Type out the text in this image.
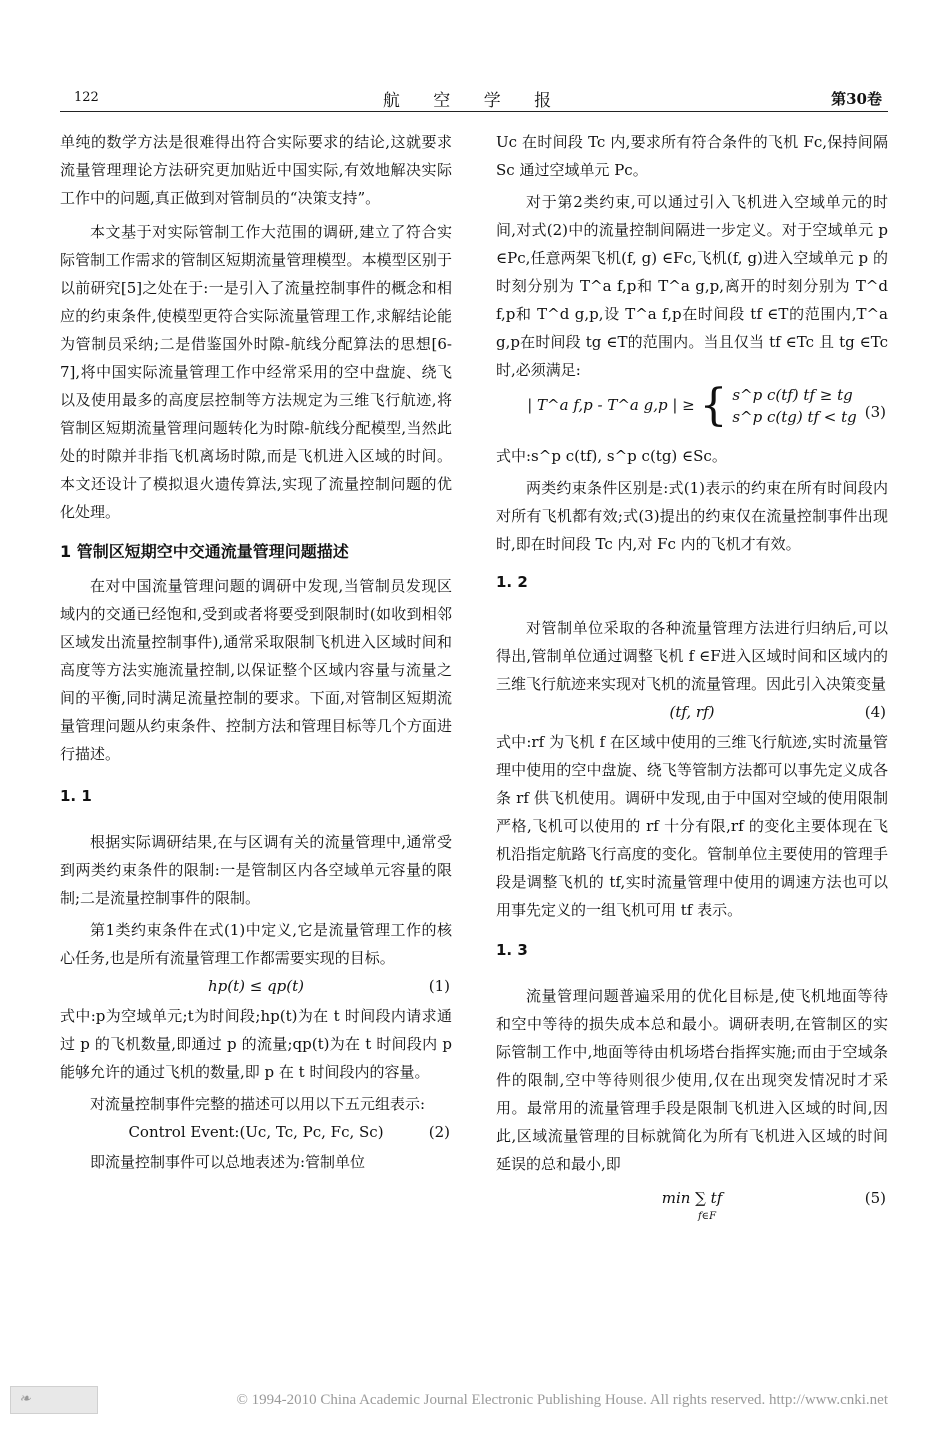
122	航 空 学 报	第30卷

单纯的数学方法是很难得出符合实际要求的结论,这就要求流量管理理论方法研究更加贴近中国实际,有效地解决实际工作中的问题,真正做到对管制员的“决策支持”。

本文基于对实际管制工作大范围的调研,建立了符合实际管制工作需求的管制区短期流量管理模型。本模型区别于以前研究[5]之处在于:一是引入了流量控制事件的概念和相应的约束条件,使模型更符合实际流量管理工作,求解结论能为管制员采纳;二是借鉴国外时隙-航线分配算法的思想[6-7],将中国实际流量管理工作中经常采用的空中盘旋、绕飞以及使用最多的高度层控制等方法规定为三维飞行航迹,将管制区短期流量管理问题转化为时隙-航线分配模型,当然此处的时隙并非指飞机离场时隙,而是飞机进入区域的时间。本文还设计了模拟退火遗传算法,实现了流量控制问题的优化处理。

1 管制区短期空中交通流量管理问题描述

在对中国流量管理问题的调研中发现,当管制员发现区域内的交通已经饱和,受到或者将要受到限制时(如收到相邻区域发出流量控制事件),通常采取限制飞机进入区域时间和高度等方法实施流量控制,以保证整个区域内容量与流量之间的平衡,同时满足流量控制的要求。下面,对管制区短期流量管理问题从约束条件、控制方法和管理目标等几个方面进行描述。

1. 1

根据实际调研结果,在与区调有关的流量管理中,通常受到两类约束条件的限制:一是管制区内各空域单元容量的限制;二是流量控制事件的限制。

第1类约束条件在式(1)中定义,它是流量管理工作的核心任务,也是所有流量管理工作都需要实现的目标。

hp(t) ≤ qp(t)	(1)

式中:p为空域单元;t为时间段;hp(t)为在 t 时间段内请求通过 p 的飞机数量,即通过 p 的流量;qp(t)为在 t 时间段内 p 能够允许的通过飞机的数量,即 p 在 t 时间段内的容量。

对流量控制事件完整的描述可以用以下五元组表示:

Control Event:(Uc, Tc, Pc, Fc, Sc)	(2)

即流量控制事件可以总地表述为:管制单位

Uc 在时间段 Tc 内,要求所有符合条件的飞机 Fc,保持间隔 Sc 通过空域单元 Pc。

对于第2类约束,可以通过引入飞机进入空域单元的时间,对式(2)中的流量控制间隔进一步定义。对于空域单元 p ∈Pc,任意两架飞机(f, g) ∈Fc,飞机(f, g)进入空域单元 p 的时刻分别为 T^a f,p和 T^a g,p,离开的时刻分别为 T^d f,p和 T^d g,p,设 T^a f,p在时间段 tf ∈T的范围内,T^a g,p在时间段 tg ∈T的范围内。当且仅当 tf ∈Tc 且 tg ∈Tc 时,必须满足:

| T^a f,p - T^a g,p | ≥ { s^p c(tf) tf ≥ tg
s^p c(tg) tf < tg (3)

式中:s^p c(tf), s^p c(tg) ∈Sc。

两类约束条件区别是:式(1)表示的约束在所有时间段内对所有飞机都有效;式(3)提出的约束仅在流量控制事件出现时,即在时间段 Tc 内,对 Fc 内的飞机才有效。

1. 2

对管制单位采取的各种流量管理方法进行归纳后,可以得出,管制单位通过调整飞机 f ∈F进入区域时间和区域内的三维飞行航迹来实现对飞机的流量管理。因此引入决策变量

(tf, rf)	(4)

式中:rf 为飞机 f 在区域中使用的三维飞行航迹,实时流量管理中使用的空中盘旋、绕飞等管制方法都可以事先定义成各条 rf 供飞机使用。调研中发现,由于中国对空域的使用限制严格,飞机可以使用的 rf 十分有限,rf 的变化主要体现在飞机沿指定航路飞行高度的变化。管制单位主要使用的管理手段是调整飞机的 tf,实时流量管理中使用的调速方法也可以用事先定义的一组飞机可用 tf 表示。

1. 3

流量管理问题普遍采用的优化目标是,使飞机地面等待和空中等待的损失成本总和最小。调研表明,在管制区的实际管制工作中,地面等待由机场塔台指挥实施;而由于空域条件的限制,空中等待则很少使用,仅在出现突发情况时才采用。最常用的流量管理手段是限制飞机进入区域的时间,因此,区域流量管理的目标就简化为所有飞机进入区域的时间延误的总和最小,即

min ∑ tf
f∈F
(5)
❧	© 1994-2010 China Academic Journal Electronic Publishing House. All rights reserved. http://www.cnki.net
